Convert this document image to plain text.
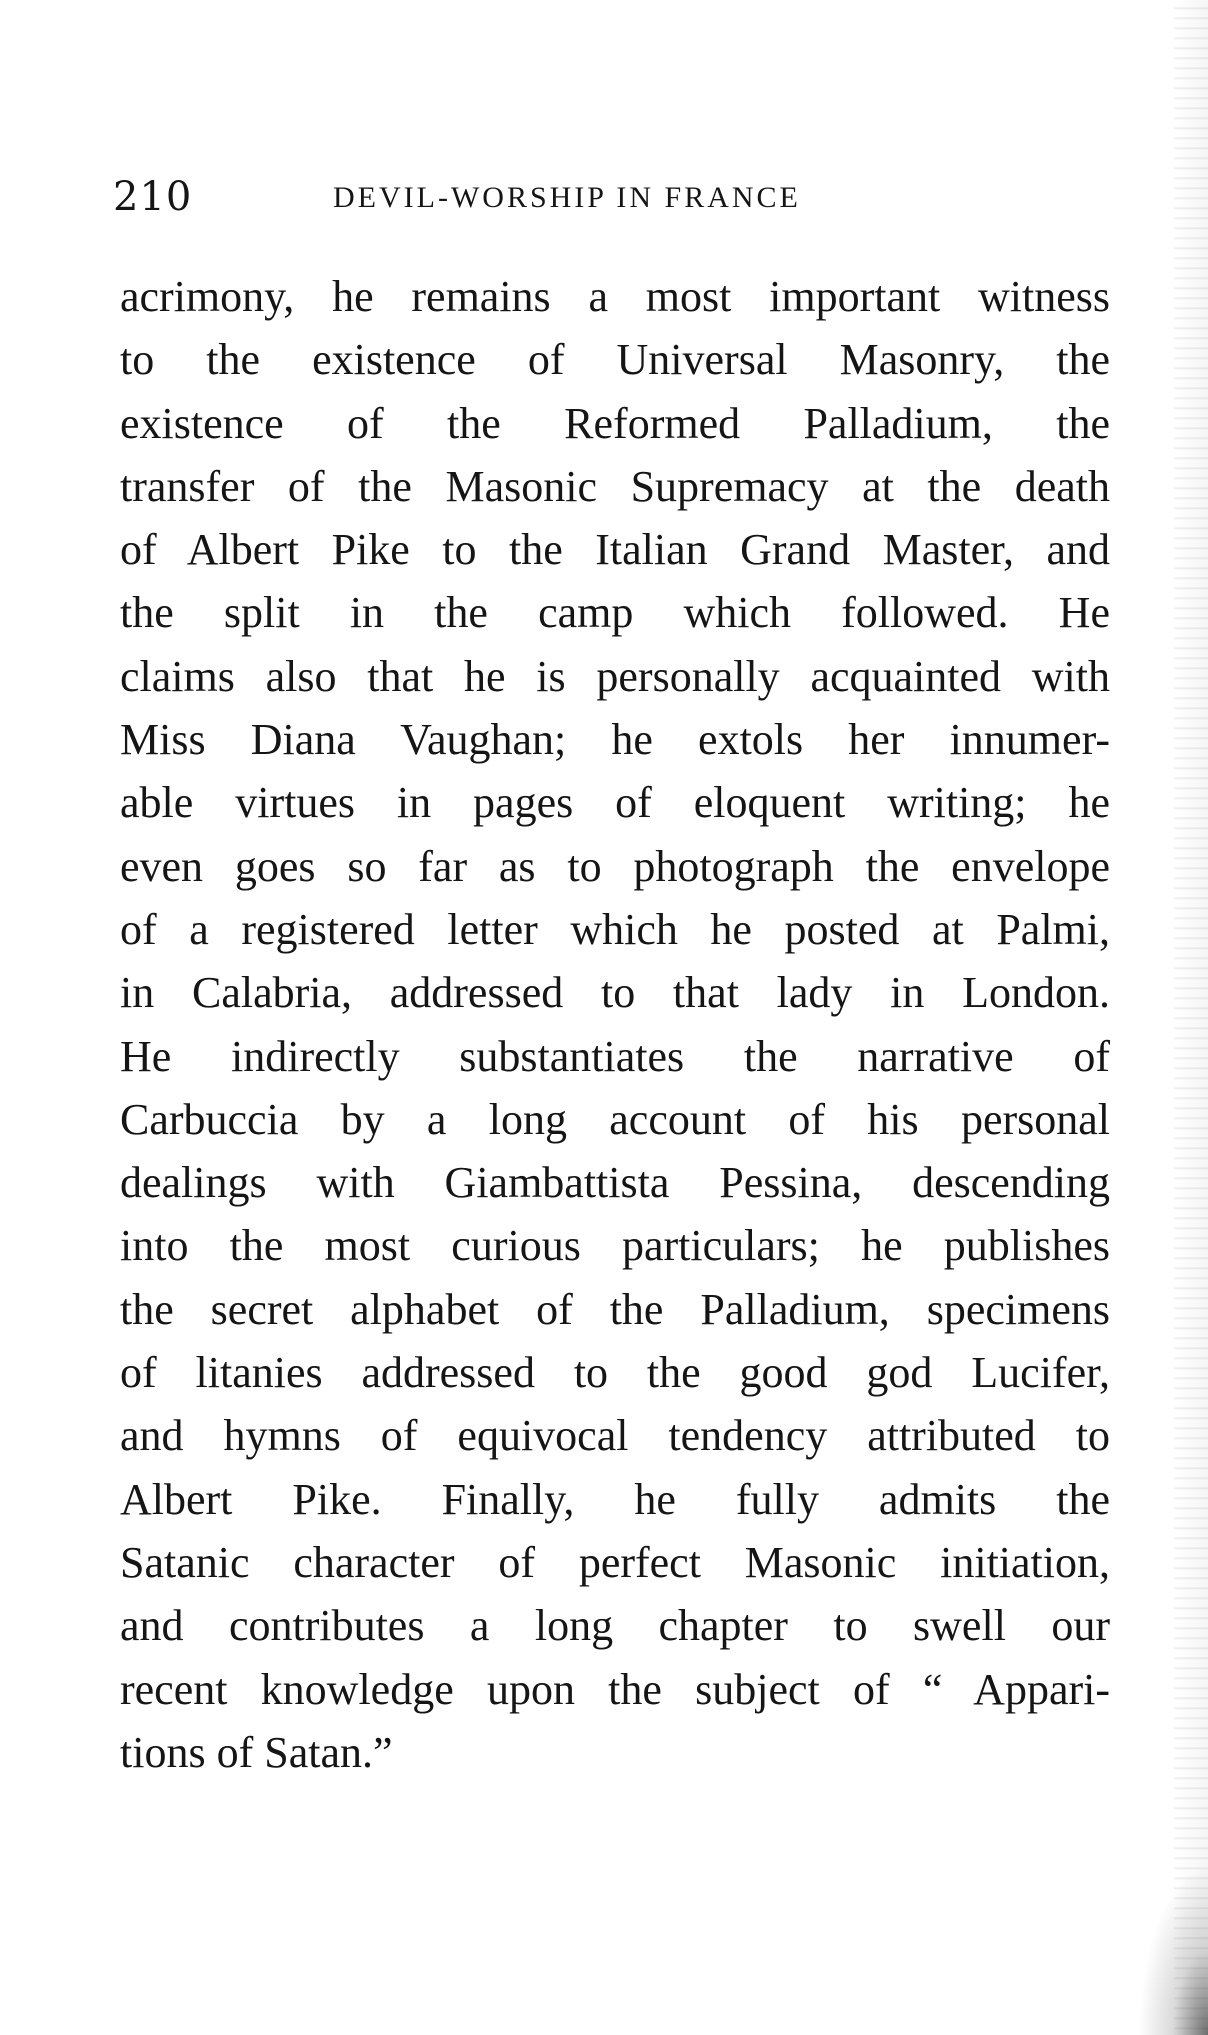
210	DEVIL-WORSHIP IN FRANCE
acrimony, he remains a most important witness
to the existence of Universal Masonry, the
existence of the Reformed Palladium, the
transfer of the Masonic Supremacy at the death
of Albert Pike to the Italian Grand Master, and
the split in the camp which followed. He
claims also that he is personally acquainted with
Miss Diana Vaughan; he extols her innumer-
able virtues in pages of eloquent writing; he
even goes so far as to photograph the envelope
of a registered letter which he posted at Palmi,
in Calabria, addressed to that lady in London.
He indirectly substantiates the narrative of
Carbuccia by a long account of his personal
dealings with Giambattista Pessina, descending
into the most curious particulars; he publishes
the secret alphabet of the Palladium, specimens
of litanies addressed to the good god Lucifer,
and hymns of equivocal tendency attributed to
Albert Pike. Finally, he fully admits the
Satanic character of perfect Masonic initiation,
and contributes a long chapter to swell our
recent knowledge upon the subject of “ Appari-
tions of Satan.”
